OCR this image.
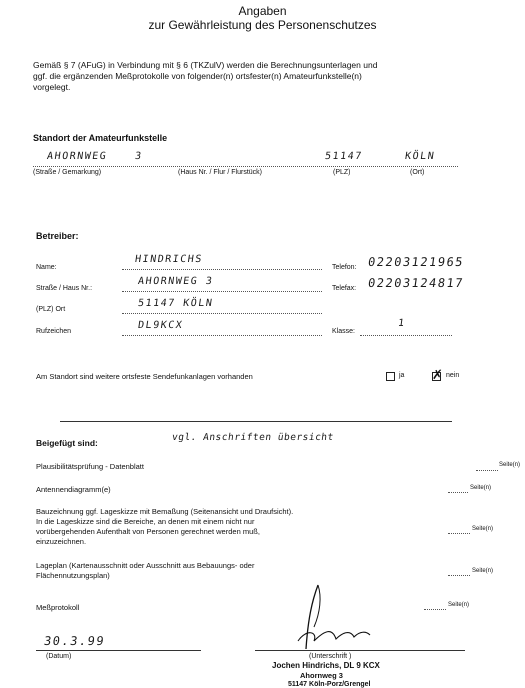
Angaben
zur Gewährleistung des Personenschutzes
Gemäß § 7 (AFuG) in Verbindung mit § 6 (TKZulV) werden die Berechnungsunterlagen und
ggf. die ergänzenden Meßprotokolle von folgender(n) ortsfester(n) Amateurfunkstelle(n)
vorgelegt.
Standort der Amateurfunkstelle
AHORNWEG	3	51147	KÖLN
(Straße / Gemarkung)	(Haus Nr. / Flur / Flurstück)	(PLZ)	(Ort)
Betreiber:
Name:
HINDRICHS
Telefon: 02203121965
Straße / Haus Nr.:
AHORNWEG 3
Telefax: 02203124817
(PLZ) Ort
51147 KÖLN
Rufzeichen
DL9KCX
Klasse:
1
Am Standort sind weitere ortsfeste Sendefunkanlagen vorhanden	ja ✗ nein
Beigefügt sind:	vgl. Anschriften übersicht
Plausibilitätsprüfung - Datenblatt	Seite(n)
Antennendiagramm(e)	Seite(n)
Bauzeichnung ggf. Lageskizze mit Bemaßung (Seitenansicht und Draufsicht).
In die Lageskizze sind die Bereiche, an denen mit einem nicht nur
vorübergehenden Aufenthalt von Personen gerechnet werden muß,
einzuzeichnen.
Seite(n)
Lageplan (Kartenausschnitt oder Ausschnitt aus Bebauungs- oder
Flächennutzungsplan)	Seite(n)
Meßprotokoll	Seite(n)
30.3.99
(Datum)	(Unterschrift )
Jochen Hindrichs, DL 9 KCX
Ahornweg 3
51147 Köln-Porz/Grengel
